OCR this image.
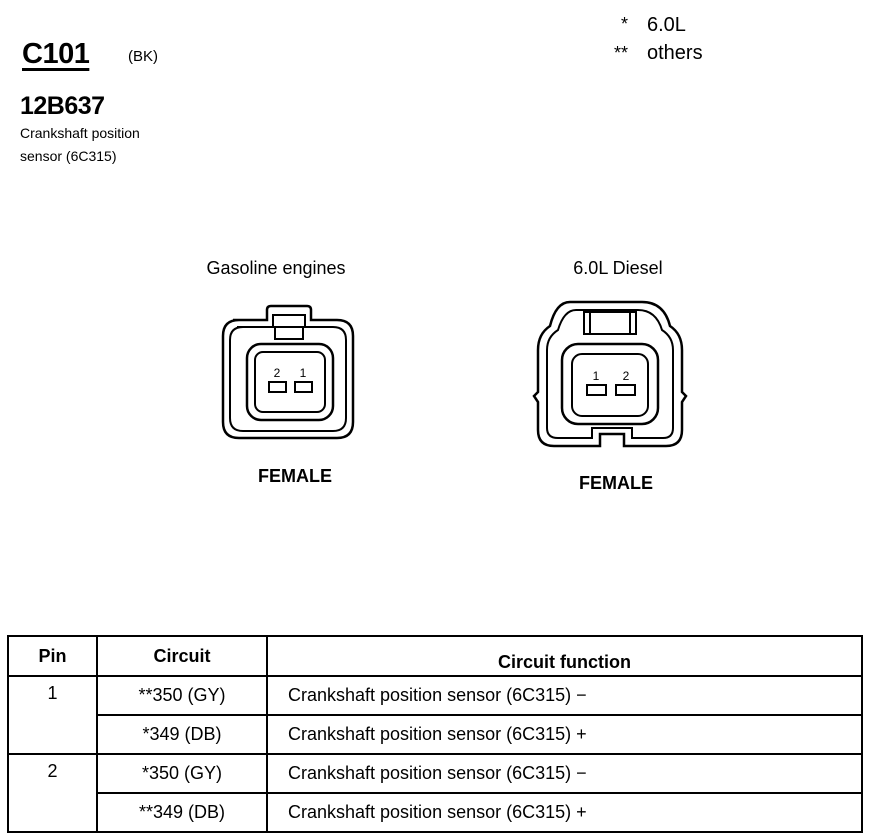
C101	(BK)
12B637
Crankshaft position
sensor (6C315)
* 6.0L
** others
Gasoline engines	6.0L Diesel
2 1	1 2
FEMALE	FEMALE
Pin	Circuit	Circuit function
1	**350 (GY)	Crankshaft position sensor (6C315) −
	*349 (DB)	Crankshaft position sensor (6C315) +
2	*350 (GY)	Crankshaft position sensor (6C315) −
	**349 (DB)	Crankshaft position sensor (6C315) +
